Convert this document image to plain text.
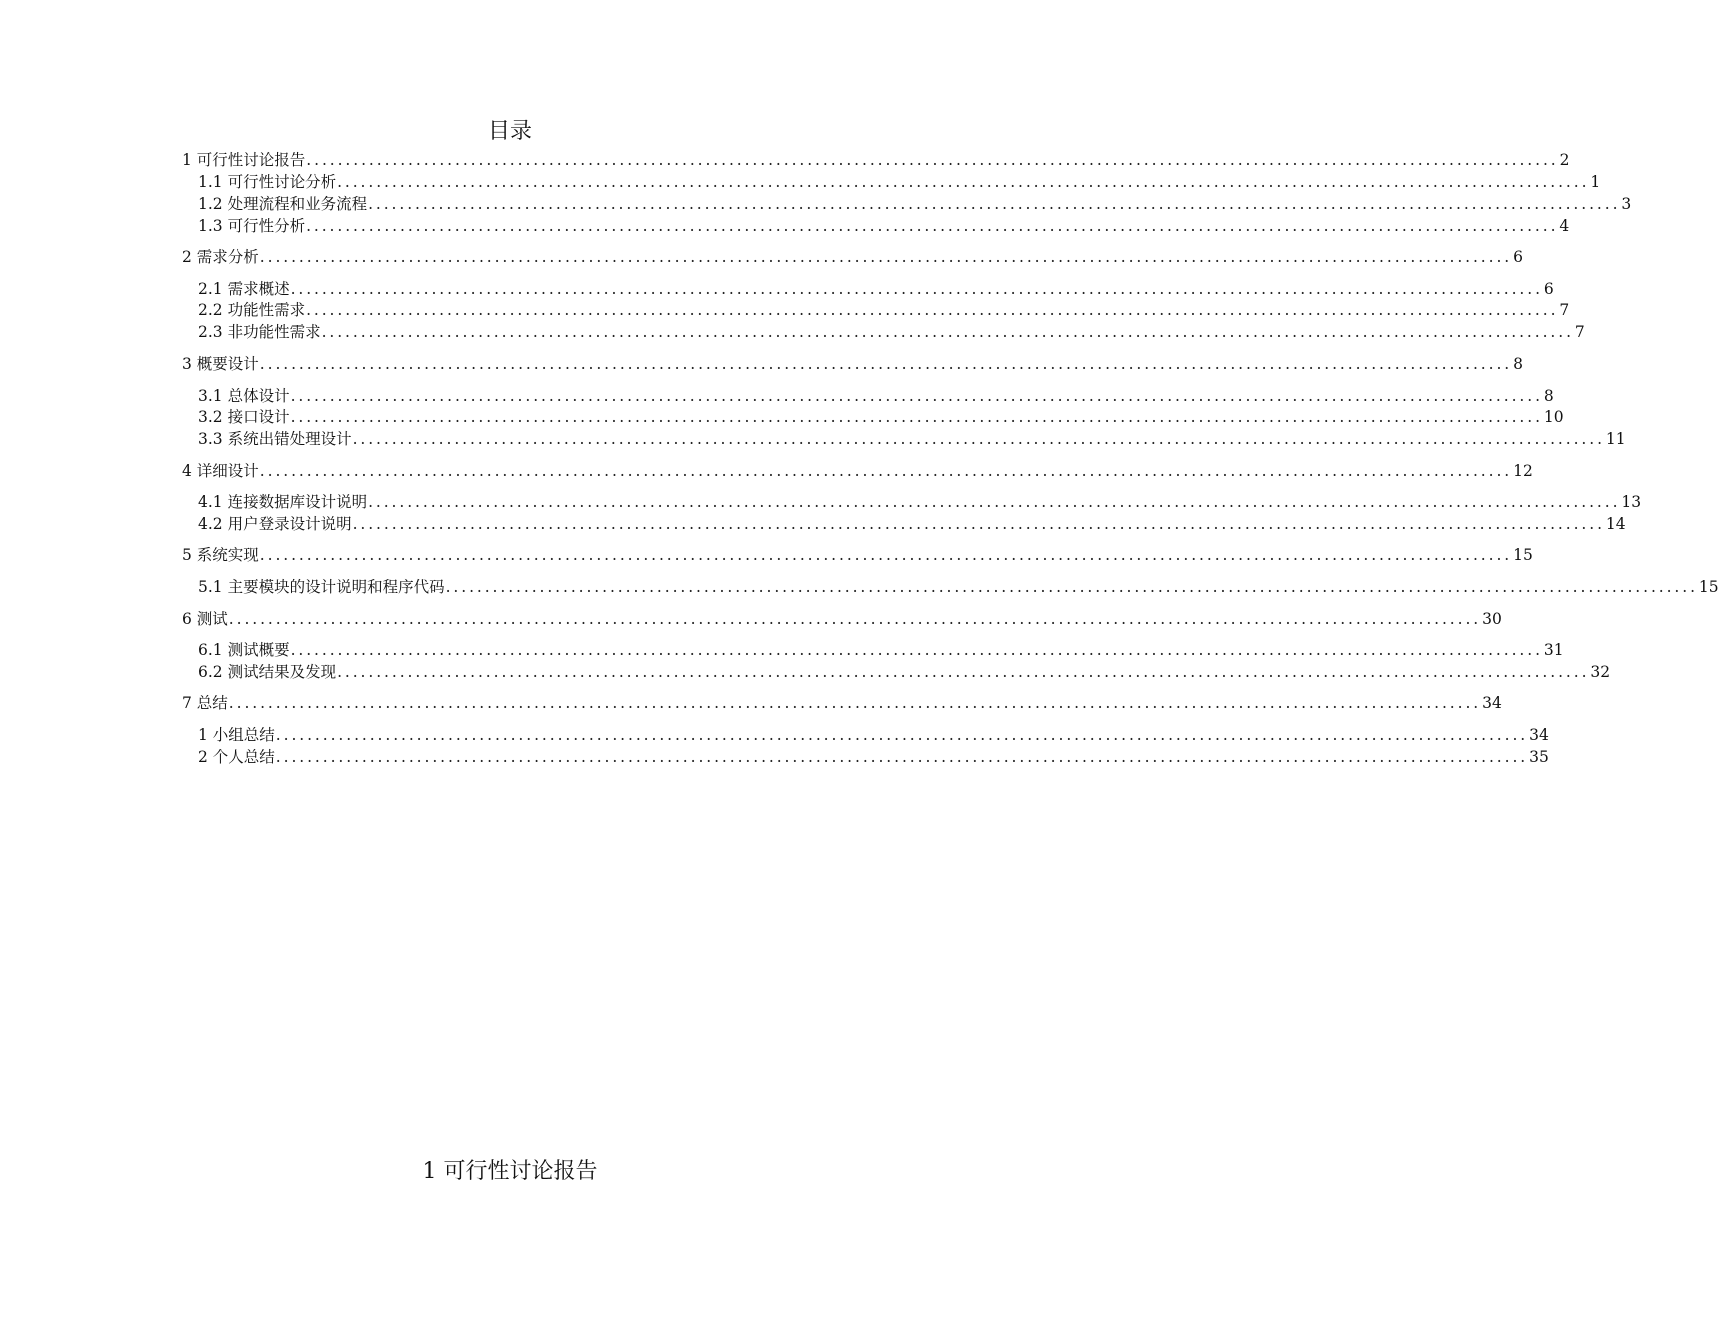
目录
1 可行性讨论报告 ................................................................................................................................................................ 2
1.1 可行性讨论分析 ................................................................................................................................................................ 1
1.2 处理流程和业务流程 ................................................................................................................................................................ 3
1.3 可行性分析 ................................................................................................................................................................ 4
2 需求分析 ................................................................................................................................................................ 6
2.1 需求概述 ................................................................................................................................................................ 6
2.2 功能性需求 ................................................................................................................................................................ 7
2.3 非功能性需求 ................................................................................................................................................................ 7
3 概要设计 ................................................................................................................................................................ 8
3.1 总体设计 ................................................................................................................................................................ 8
3.2 接口设计 ................................................................................................................................................................ 10
3.3 系统出错处理设计 ................................................................................................................................................................ 11
4 详细设计 ................................................................................................................................................................ 12
4.1 连接数据库设计说明 ................................................................................................................................................................ 13
4.2 用户登录设计说明 ................................................................................................................................................................ 14
5 系统实现 ................................................................................................................................................................ 15
5.1 主要模块的设计说明和程序代码 ................................................................................................................................................................ 15
6 测试 ................................................................................................................................................................ 30
6.1 测试概要 ................................................................................................................................................................ 31
6.2 测试结果及发现 ................................................................................................................................................................ 32
7 总结 ................................................................................................................................................................ 34
1 小组总结 ................................................................................................................................................................ 34
2 个人总结 ................................................................................................................................................................ 35
1 可行性讨论报告
